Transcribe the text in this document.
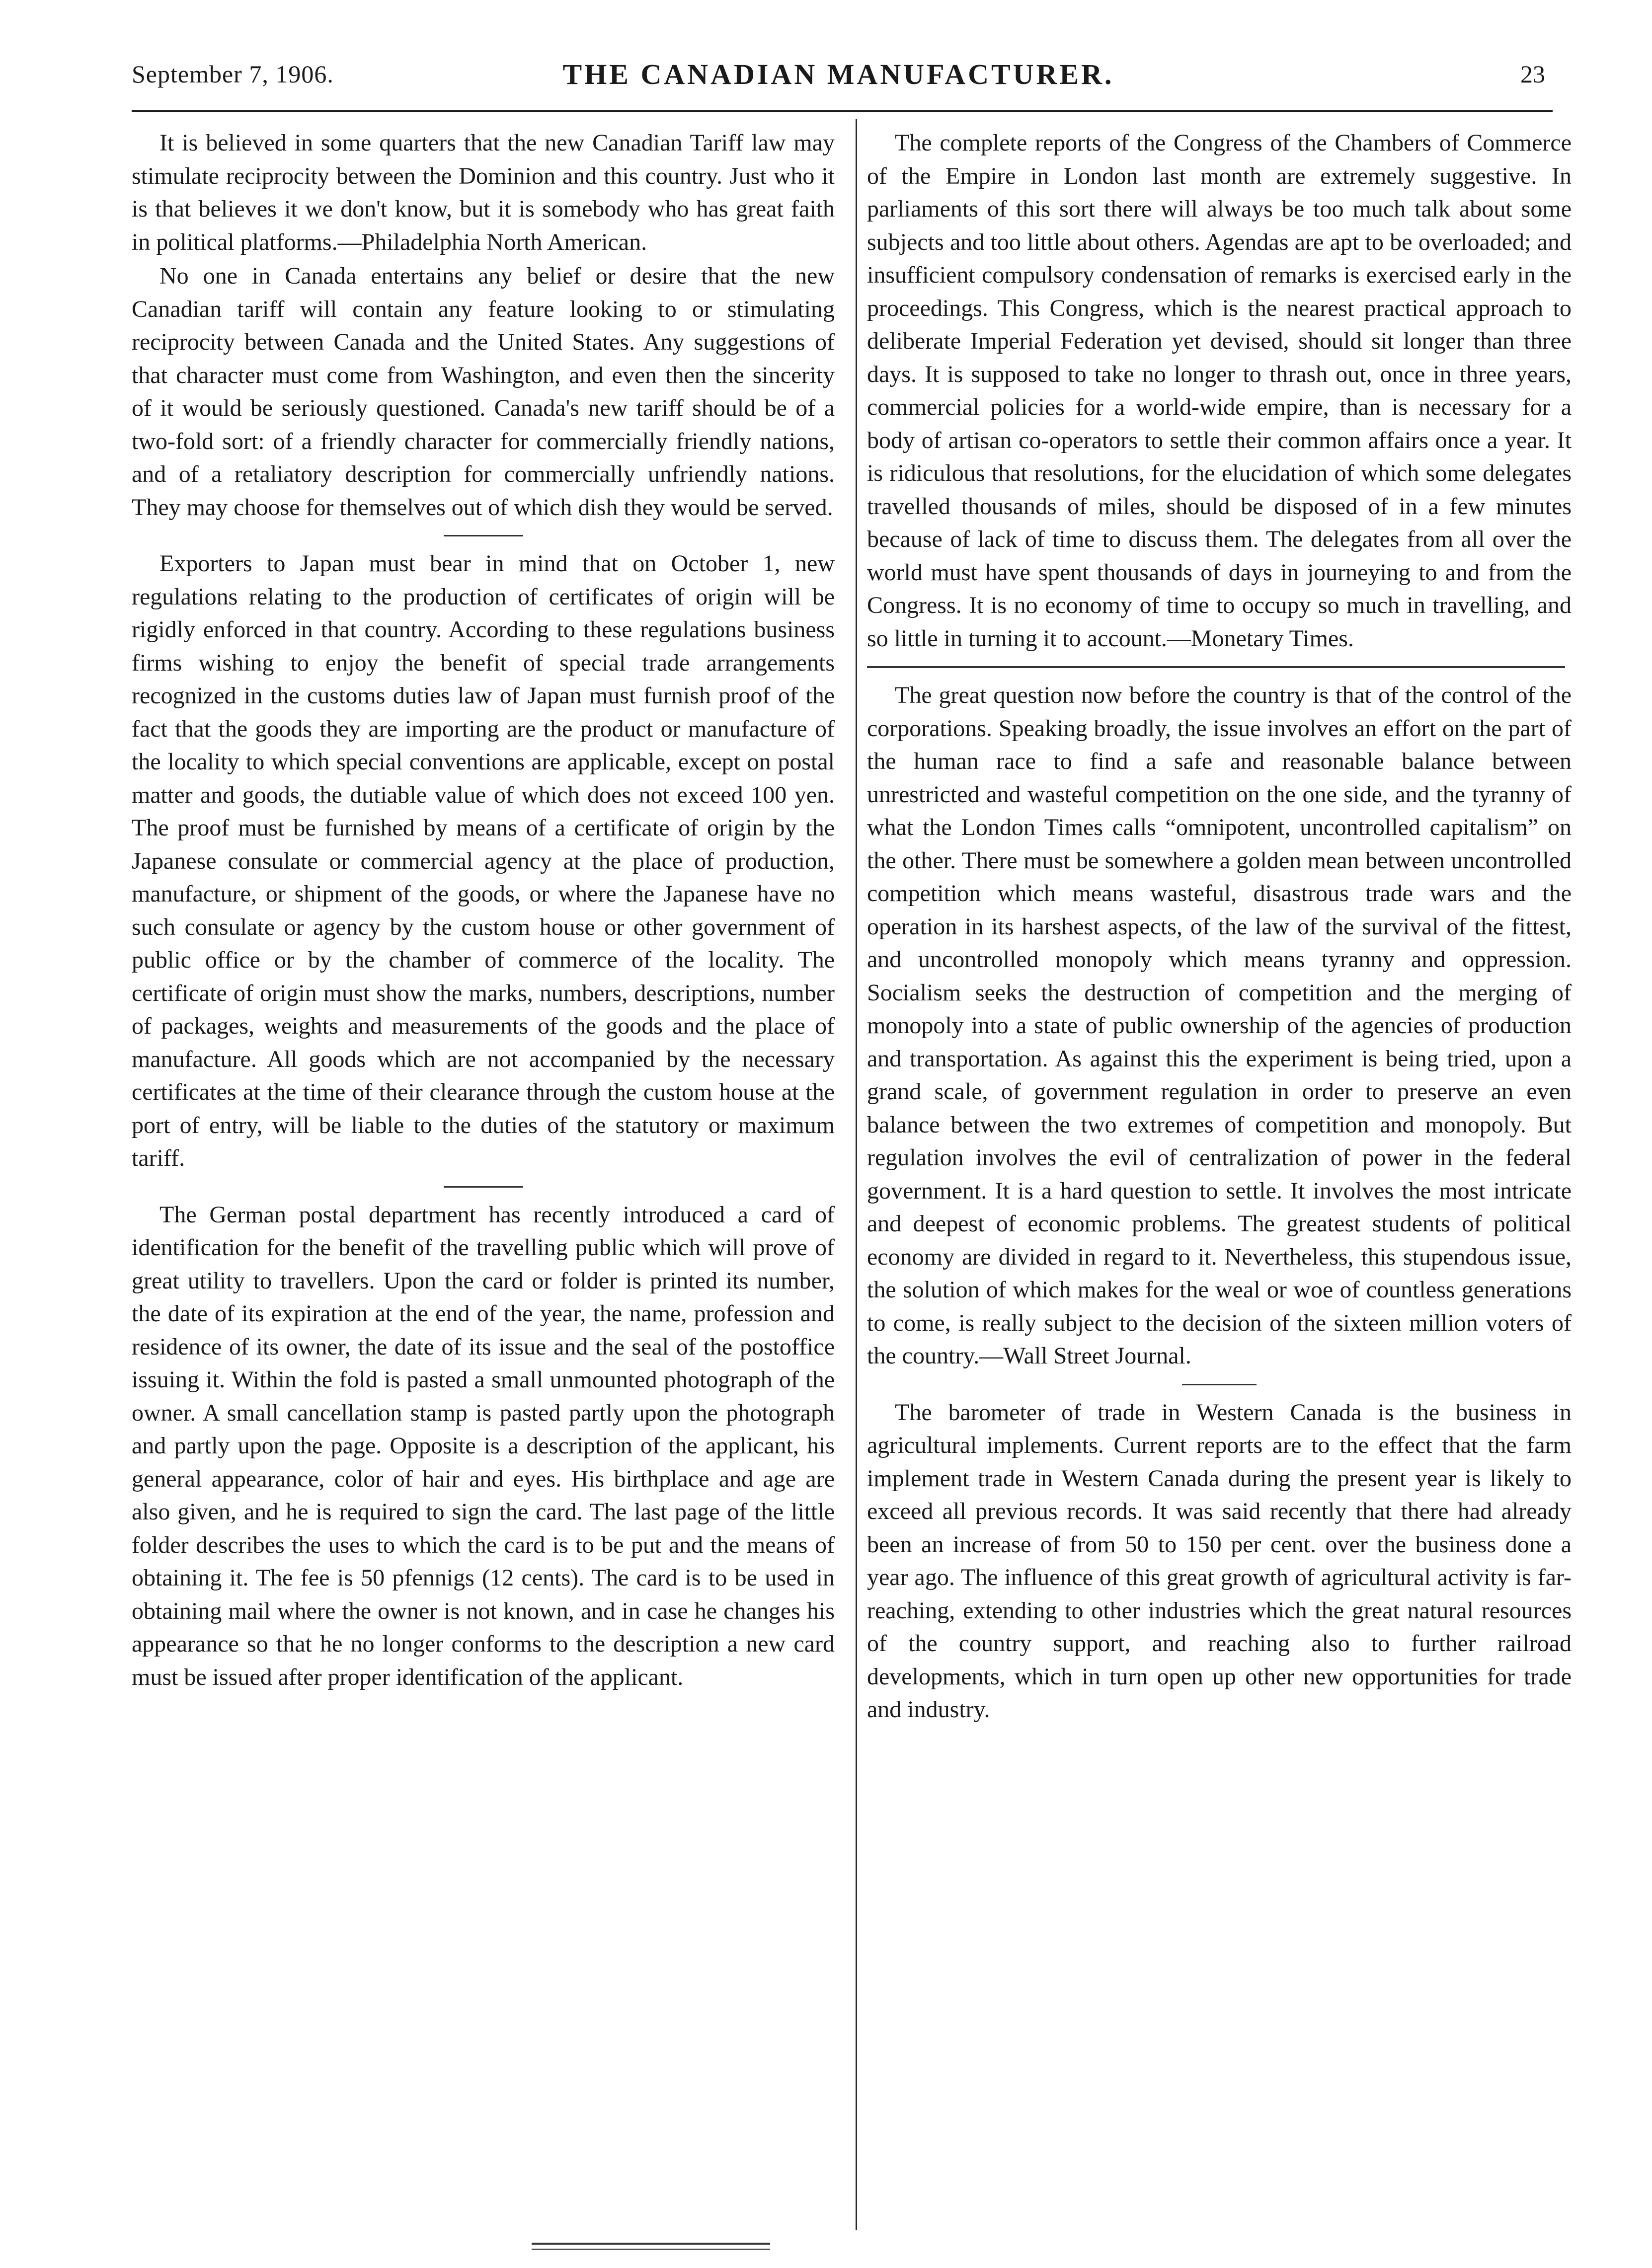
September 7, 1906.	THE CANADIAN MANUFACTURER.	23

It is believed in some quarters that the new Canadian Tariff law may stimulate reciprocity between the Dominion and this country. Just who it is that believes it we don't know, but it is somebody who has great faith in political platforms.—Philadelphia North American.

No one in Canada entertains any belief or desire that the new Canadian tariff will contain any feature looking to or stimulating reciprocity between Canada and the United States. Any suggestions of that character must come from Washington, and even then the sincerity of it would be seriously questioned. Canada's new tariff should be of a two-fold sort: of a friendly character for commercially friendly nations, and of a retaliatory description for commercially unfriendly nations. They may choose for themselves out of which dish they would be served.

Exporters to Japan must bear in mind that on October 1, new regulations relating to the production of certificates of origin will be rigidly enforced in that country. According to these regulations business firms wishing to enjoy the benefit of special trade arrangements recognized in the customs duties law of Japan must furnish proof of the fact that the goods they are importing are the product or manufacture of the locality to which special conventions are applicable, except on postal matter and goods, the dutiable value of which does not exceed 100 yen. The proof must be furnished by means of a certificate of origin by the Japanese consulate or commercial agency at the place of production, manufacture, or shipment of the goods, or where the Japanese have no such consulate or agency by the custom house or other government of public office or by the chamber of commerce of the locality. The certificate of origin must show the marks, numbers, descriptions, number of packages, weights and measurements of the goods and the place of manufacture. All goods which are not accompanied by the necessary certificates at the time of their clearance through the custom house at the port of entry, will be liable to the duties of the statutory or maximum tariff.

The German postal department has recently introduced a card of identification for the benefit of the travelling public which will prove of great utility to travellers. Upon the card or folder is printed its number, the date of its expiration at the end of the year, the name, profession and residence of its owner, the date of its issue and the seal of the postoffice issuing it. Within the fold is pasted a small unmounted photograph of the owner. A small cancellation stamp is pasted partly upon the photograph and partly upon the page. Opposite is a description of the applicant, his general appearance, color of hair and eyes. His birthplace and age are also given, and he is required to sign the card. The last page of the little folder describes the uses to which the card is to be put and the means of obtaining it. The fee is 50 pfennigs (12 cents). The card is to be used in obtaining mail where the owner is not known, and in case he changes his appearance so that he no longer conforms to the description a new card must be issued after proper identification of the applicant.

The complete reports of the Congress of the Chambers of Commerce of the Empire in London last month are extremely suggestive. In parliaments of this sort there will always be too much talk about some subjects and too little about others. Agendas are apt to be overloaded; and insufficient compulsory condensation of remarks is exercised early in the proceedings. This Congress, which is the nearest practical approach to deliberate Imperial Federation yet devised, should sit longer than three days. It is supposed to take no longer to thrash out, once in three years, commercial policies for a world-wide empire, than is necessary for a body of artisan co-operators to settle their common affairs once a year. It is ridiculous that resolutions, for the elucidation of which some delegates travelled thousands of miles, should be disposed of in a few minutes because of lack of time to discuss them. The delegates from all over the world must have spent thousands of days in journeying to and from the Congress. It is no economy of time to occupy so much in travelling, and so little in turning it to account.—Monetary Times.

The great question now before the country is that of the control of the corporations. Speaking broadly, the issue involves an effort on the part of the human race to find a safe and reasonable balance between unrestricted and wasteful competition on the one side, and the tyranny of what the London Times calls “omnipotent, uncontrolled capitalism” on the other. There must be somewhere a golden mean between uncontrolled competition which means wasteful, disastrous trade wars and the operation in its harshest aspects, of the law of the survival of the fittest, and uncontrolled monopoly which means tyranny and oppression. Socialism seeks the destruction of competition and the merging of monopoly into a state of public ownership of the agencies of production and transportation. As against this the experiment is being tried, upon a grand scale, of government regulation in order to preserve an even balance between the two extremes of competition and monopoly. But regulation involves the evil of centralization of power in the federal government. It is a hard question to settle. It involves the most intricate and deepest of economic problems. The greatest students of political economy are divided in regard to it. Nevertheless, this stupendous issue, the solution of which makes for the weal or woe of countless generations to come, is really subject to the decision of the sixteen million voters of the country.—Wall Street Journal.

The barometer of trade in Western Canada is the business in agricultural implements. Current reports are to the effect that the farm implement trade in Western Canada during the present year is likely to exceed all previous records. It was said recently that there had already been an increase of from 50 to 150 per cent. over the business done a year ago. The influence of this great growth of agricultural activity is far-reaching, extending to other industries which the great natural resources of the country support, and reaching also to further railroad developments, which in turn open up other new opportunities for trade and industry.
